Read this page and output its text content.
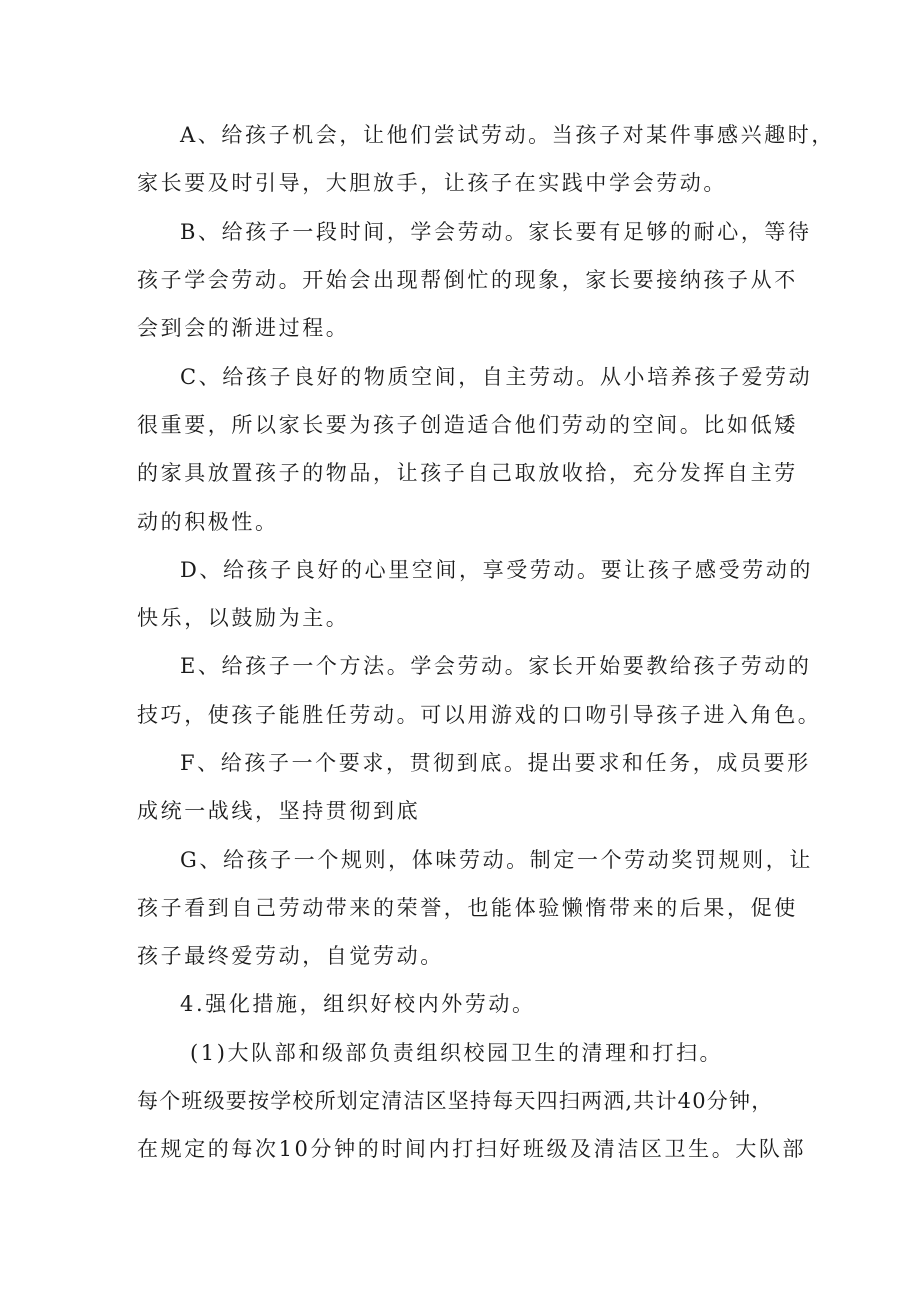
A、给孩子机会，让他们尝试劳动。当孩子对某件事感兴趣时，
家长要及时引导，大胆放手，让孩子在实践中学会劳动。
B、给孩子一段时间，学会劳动。家长要有足够的耐心，等待
孩子学会劳动。开始会出现帮倒忙的现象，家长要接纳孩子从不
会到会的渐进过程。
C、给孩子良好的物质空间，自主劳动。从小培养孩子爱劳动
很重要，所以家长要为孩子创造适合他们劳动的空间。比如低矮
的家具放置孩子的物品，让孩子自己取放收拾，充分发挥自主劳
动的积极性。
D、给孩子良好的心里空间，享受劳动。要让孩子感受劳动的
快乐，以鼓励为主。
E、给孩子一个方法。学会劳动。家长开始要教给孩子劳动的
技巧，使孩子能胜任劳动。可以用游戏的口吻引导孩子进入角色。
F、给孩子一个要求，贯彻到底。提出要求和任务，成员要形
成统一战线，坚持贯彻到底
G、给孩子一个规则，体味劳动。制定一个劳动奖罚规则，让
孩子看到自己劳动带来的荣誉，也能体验懒惰带来的后果，促使
孩子最终爱劳动，自觉劳动。
4.强化措施，组织好校内外劳动。
(1)大队部和级部负责组织校园卫生的清理和打扫。
每个班级要按学校所划定清洁区坚持每天四扫两洒,共计40分钟，
在规定的每次10分钟的时间内打扫好班级及清洁区卫生。大队部
